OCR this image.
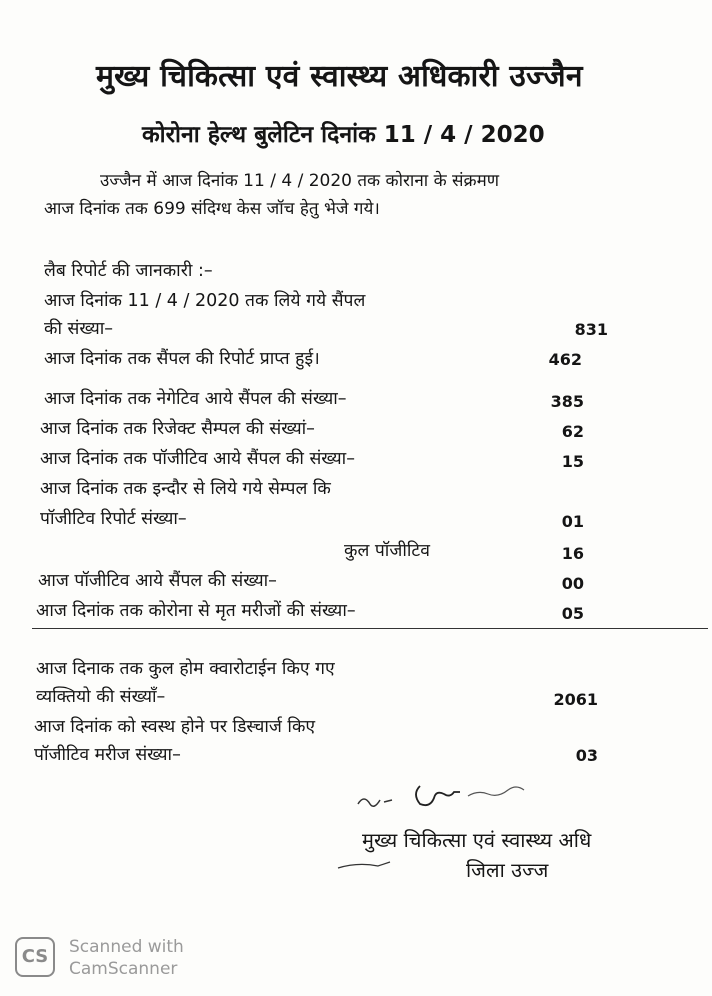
मुख्य चिकित्सा एवं स्वास्थ्य अधिकारी उज्जैन
कोरोना हेल्थ बुलेटिन दिनांक 11 / 4 / 2020
उज्जैन में आज दिनांक 11 / 4 / 2020 तक कोराना के संक्रमण
आज दिनांक तक 699 संदिग्ध केस जॉच हेतु भेजे गये।
लैब रिपोर्ट की जानकारी :–
आज दिनांक 11 / 4 / 2020 तक लिये गये सैंपल
की संख्या–	831
आज दिनांक तक सैंपल की रिपोर्ट प्राप्त हुई।	462
आज दिनांक तक नेगेटिव आये सैंपल की संख्या–	385
आज दिनांक तक रिजेक्ट सैम्पल की संख्यां–	62
आज दिनांक तक पॉजीटिव आये सैंपल की संख्या–	15
आज दिनांक तक इन्दौर से लिये गये सेम्पल कि
पॉजीटिव रिपोर्ट संख्या–	01
कुल पॉजीटिव	16
आज पॉजीटिव आये सैंपल की संख्या–	00
आज दिनांक तक कोरोना से मृत मरीजों की संख्या–	05
आज दिनाक तक कुल होम क्वारोटाईन किए गए
व्यक्तियो की संख्यॉं–	2061
आज दिनांक को स्वस्थ होने पर डिस्चार्ज किए
पॉजीटिव मरीज संख्या–	03
मुख्य चिकित्सा एवं स्वास्थ्य अधि
जिला उज्ज
CS	Scanned with
CamScanner
